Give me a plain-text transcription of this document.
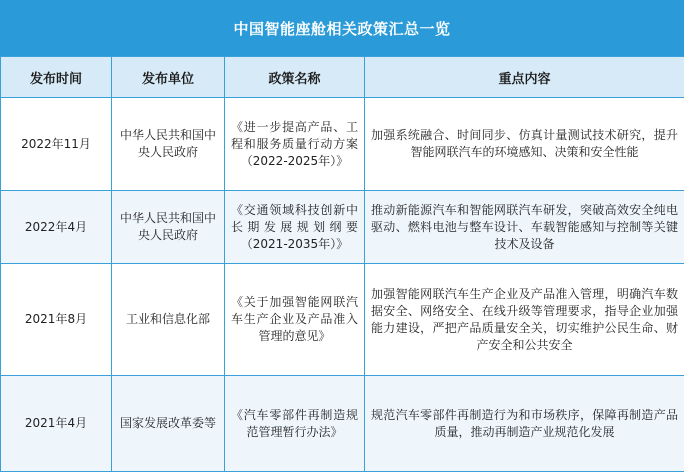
中国智能座舱相关政策汇总一览
发布时间	发布单位	政策名称	重点内容
2022年11月	中华人民共和国中央人民政府	《进一步提高产品、工程和服务质量行动方案（2022-2025年）》	加强系统融合、时间同步、仿真计量测试技术研究，提升智能网联汽车的环境感知、决策和安全性能
2022年4月	中华人民共和国中央人民政府	《交通领域科技创新中长期发展规划纲要（2021-2035年）》	推动新能源汽车和智能网联汽车研发，突破高效安全纯电驱动、燃料电池与整车设计、车载智能感知与控制等关键技术及设备
2021年8月	工业和信息化部	《关于加强智能网联汽车生产企业及产品准入管理的意见》	加强智能网联汽车生产企业及产品准入管理，明确汽车数据安全、网络安全、在线升级等管理要求，指导企业加强能力建设，严把产品质量安全关，切实维护公民生命、财产安全和公共安全
2021年4月	国家发展改革委等	《汽车零部件再制造规范管理暂行办法》	规范汽车零部件再制造行为和市场秩序，保障再制造产品质量，推动再制造产业规范化发展
